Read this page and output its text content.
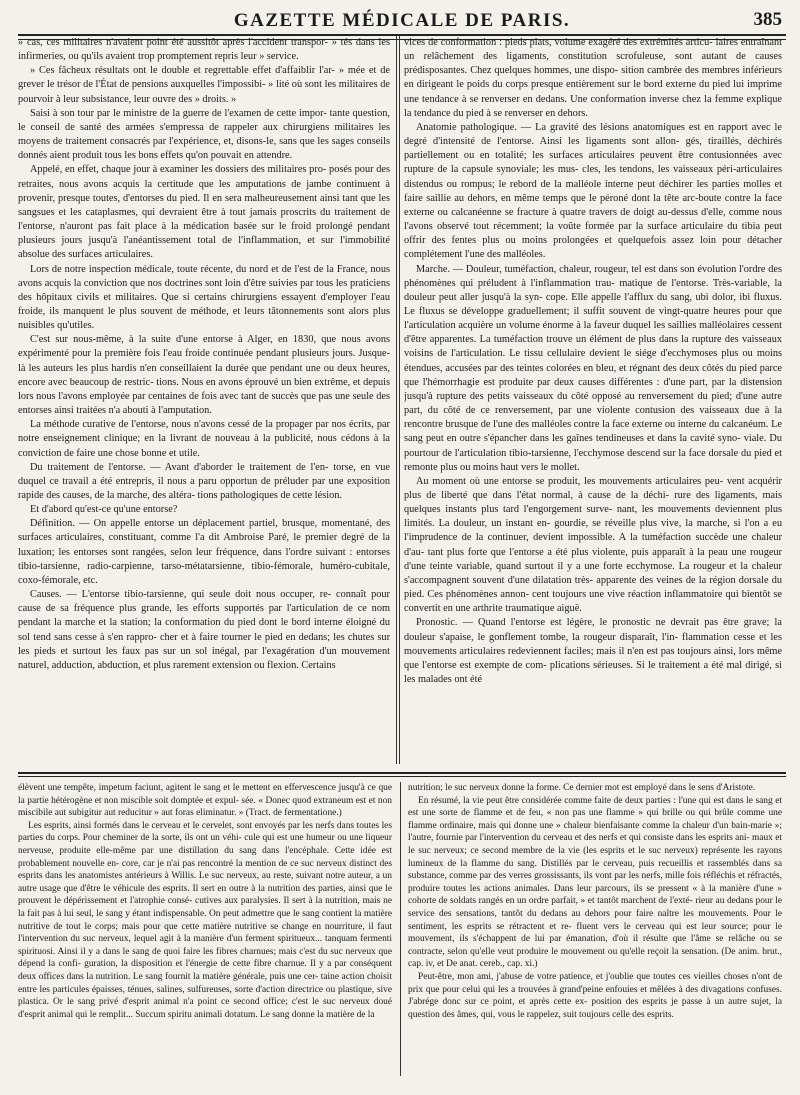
GAZETTE MÉDICALE DE PARIS.	385

» cas, ces militaires n'avaient point été aussitôt après l'accident transpor- » tés dans les infirmeries, ou qu'ils avaient trop promptement repris leur » service.

» Ces fâcheux résultats ont le double et regrettable effet d'affaiblir l'ar- » mée et de grever le trésor de l'État de pensions auxquelles l'impossibi- » lité où sont les militaires de pourvoir à leur subsistance, leur ouvre des » droits. »

Saisi à son tour par le ministre de la guerre de l'examen de cette impor- tante question, le conseil de santé des armées s'empressa de rappeler aux chirurgiens militaires les moyens de traitement consacrés par l'expérience, et, disons-le, sans que les sages conseils donnés aient produit tous les bons effets qu'on pouvait en attendre.

Appelé, en effet, chaque jour à examiner les dossiers des militaires pro- posés pour des retraites, nous avons acquis la certitude que les amputations de jambe continuent à provenir, presque toutes, d'entorses du pied. Il en sera malheureusement ainsi tant que les sangsues et les cataplasmes, qui devraient être à tout jamais proscrits du traitement de l'entorse, n'auront pas fait place à la médication basée sur le froid prolongé pendant plusieurs jours jusqu'à l'anéantissement total de l'inflammation, et sur l'immobilité absolue des surfaces articulaires.

Lors de notre inspection médicale, toute récente, du nord et de l'est de la France, nous avons acquis la conviction que nos doctrines sont loin d'être suivies par tous les praticiens des hôpitaux civils et militaires. Que si certains chirurgiens essayent d'employer l'eau froide, ils manquent le plus souvent de méthode, et leurs tâtonnements sont alors plus nuisibles qu'utiles.

C'est sur nous-même, à la suite d'une entorse à Alger, en 1830, que nous avons expérimenté pour la première fois l'eau froide continuée pendant plusieurs jours. Jusque-là les auteurs les plus hardis n'en conseillaient la durée que pendant une ou deux heures, encore avec beaucoup de restric- tions. Nous en avons éprouvé un bien extrême, et depuis lors nous l'avons employée par centaines de fois avec tant de succès que pas une seule des entorses ainsi traitées n'a abouti à l'amputation.

La méthode curative de l'entorse, nous n'avons cessé de la propager par nos écrits, par notre enseignement clinique; en la livrant de nouveau à la publicité, nous cédons à la conviction de faire une chose bonne et utile.

Du traitement de l'entorse. — Avant d'aborder le traitement de l'en- torse, en vue duquel ce travail a été entrepris, il nous a paru opportun de préluder par une exposition rapide des causes, de la marche, des altéra- tions pathologiques de cette lésion.

Et d'abord qu'est-ce qu'une entorse?

Définition. — On appelle entorse un déplacement partiel, brusque, momentané, des surfaces articulaires, constituant, comme l'a dit Ambroise Paré, le premier degré de la luxation; les entorses sont rangées, selon leur fréquence, dans l'ordre suivant : entorses tibio-tarsienne, radio-carpienne, tarso-métatarsienne, tibio-fémorale, huméro-cubitale, coxo-fémorale, etc.

Causes. — L'entorse tibio-tarsienne, qui seule doit nous occuper, re- connaît pour cause de sa fréquence plus grande, les efforts supportés par l'articulation de ce nom pendant la marche et la station; la conformation du pied dont le bord interne éloigné du sol tend sans cesse à s'en rappro- cher et à faire tourner le pied en dedans; les chutes sur les pieds et surtout les faux pas sur un sol inégal, par l'exagération d'un mouvement naturel, adduction, abduction, et plus rarement extension ou flexion. Certains

vices de conformation : pieds plats, volume exagéré des extrémités articu- laires entraînant un relâchement des ligaments, constitution scrofuleuse, sont autant de causes prédisposantes. Chez quelques hommes, une dispo- sition cambrée des membres inférieurs en dirigeant le poids du corps presque entièrement sur le bord externe du pied lui imprime une tendance à se renverser en dedans. Une conformation inverse chez la femme explique la tendance du pied à se renverser en dehors.

Anatomie pathologique. — La gravité des lésions anatomiques est en rapport avec le degré d'intensité de l'entorse. Ainsi les ligaments sont allon- gés, tiraillés, déchirés partiellement ou en totalité; les surfaces articulaires peuvent être contusionnées avec rupture de la capsule synoviale; les mus- cles, les tendons, les vaisseaux péri-articulaires distendus ou rompus; le rebord de la malléole interne peut déchirer les parties molles et faire saillie au dehors, en même temps que le péroné dont la tête arc-boute contre la face externe ou calcanéenne se fracture à quatre travers de doigt au-dessus d'elle, comme nous l'avons observé tout récemment; la voûte formée par la surface articulaire du tibia peut offrir des fentes plus ou moins prolongées et quelquefois assez loin pour détacher complétement l'une des malléoles.

Marche. — Douleur, tuméfaction, chaleur, rougeur, tel est dans son évolution l'ordre des phénomènes qui préludent à l'inflammation trau- matique de l'entorse. Très-variable, la douleur peut aller jusqu'à la syn- cope. Elle appelle l'afflux du sang, ubi dolor, ibi fluxus. Le fluxus se développe graduellement; il suffit souvent de vingt-quatre heures pour que l'articulation acquière un volume énorme à la faveur duquel les saillies malléolaires cessent d'être apparentes. La tuméfaction trouve un élément de plus dans la rupture des vaisseaux voisins de l'articulation. Le tissu cellulaire devient le siége d'ecchymoses plus ou moins étendues, accusées par des teintes colorées en bleu, et régnant des deux côtés du pied parce que l'hémorrhagie est produite par deux causes différentes : d'une part, par la distension jusqu'à rupture des petits vaisseaux du côté opposé au renversement du pied; d'une autre part, du côté de ce renversement, par une violente contusion des vaisseaux due à la rencontre brusque de l'une des malléoles contre la face externe ou interne du calcanéum. Le sang peut en outre s'épancher dans les gaînes tendineuses et dans la cavité syno- viale. Du pourtour de l'articulation tibio-tarsienne, l'ecchymose descend sur la face dorsale du pied et remonte plus ou moins haut vers le mollet.

Au moment où une entorse se produit, les mouvements articulaires peu- vent acquérir plus de liberté que dans l'état normal, à cause de la déchi- rure des ligaments, mais quelques instants plus tard l'engorgement surve- nant, les mouvements deviennent plus limités. La douleur, un instant en- gourdie, se réveille plus vive, la marche, si l'on a eu l'imprudence de la continuer, devient impossible. A la tuméfaction succède une chaleur d'au- tant plus forte que l'entorse a été plus violente, puis apparaît à la peau une rougeur d'une teinte variable, quand surtout il y a une forte ecchymose. La rougeur et la chaleur s'accompagnent souvent d'une dilatation très- apparente des veines de la région dorsale du pied. Ces phénomènes annon- cent toujours une vive réaction inflammatoire qui bientôt se convertit en une arthrite traumatique aiguë.

Pronostic. — Quand l'entorse est légère, le pronostic ne devrait pas être grave; la douleur s'apaise, le gonflement tombe, la rougeur disparaît, l'in- flammation cesse et les mouvements articulaires redeviennent faciles; mais il n'en est pas toujours ainsi, lors même que l'entorse est exempte de com- plications sérieuses. Si le traitement a été mal dirigé, si les malades ont été

élèvent une tempête, impetum faciunt, agitent le sang et le mettent en effervescence jusqu'à ce que la partie hétérogène et non miscible soit domptée et expul- sée. « Donec quod extraneum est et non miscibile aut subigitur aut reducitur » aut foras eliminatur. » (Tract. de fermentatione.)

Les esprits, ainsi formés dans le cerveau et le cervelet, sont envoyés par les nerfs dans toutes les parties du corps. Pour cheminer de la sorte, ils ont un véhi- cule qui est une humeur ou une liqueur nerveuse, produite elle-même par une distillation du sang dans l'encéphale. Cette idée est probablement nouvelle en- core, car je n'ai pas rencontré la mention de ce suc nerveux distinct des esprits dans les anatomistes antérieurs à Willis. Le suc nerveux, au reste, suivant notre auteur, a un autre usage que d'être le véhicule des esprits. Il sert en outre à la nutrition des parties, ainsi que le prouvent le dépérissement et l'atrophie consé- cutives aux paralysies. Il sert à la nutrition, mais ne la fait pas à lui seul, le sang y étant indispensable. On peut admettre que le sang contient la matière nutritive de tout le corps; mais pour que cette matière nutritive se change en nourriture, il faut l'intervention du suc nerveux, lequel agit à la manière d'un ferment spiritueux... tanquam fermenti spirituosi. Ainsi il y a dans le sang de quoi faire les fibres charnues; mais c'est du suc nerveux que dépend la confi- guration, la disposition et l'énergie de cette fibre charnue. Il y a par conséquent deux offices dans la nutrition. Le sang fournit la matière générale, puis une cer- taine action choisit entre les particules épaisses, ténues, salines, sulfureuses, sorte d'action directrice ou plastique, sive plastica. Or le sang privé d'esprit animal n'a point ce second office; c'est le suc nerveux doué d'esprit animal qui le remplit... Succum spiritu animali dotatum. Le sang donne la matière de la

nutrition; le suc nerveux donne la forme. Ce dernier mot est employé dans le sens d'Aristote.

En résumé, la vie peut être considérée comme faite de deux parties : l'une qui est dans le sang et est une sorte de flamme et de feu, « non pas une flamme » qui brille ou qui brûle comme une flamme ordinaire, mais qui donne une » chaleur bienfaisante comme la chaleur d'un bain-marie »; l'autre, fournie par l'intervention du cerveau et des nerfs et qui consiste dans les esprits ani- maux et le suc nerveux; ce second membre de la vie (les esprits et le suc nerveux) représente les rayons lumineux de la flamme du sang. Distillés par le cerveau, puis recueillis et rassemblés dans sa substance, comme par des verres grossissants, ils vont par les nerfs, mille fois réfléchis et réfractés, produire toutes les actions animales. Dans leur parcours, ils se pressent « à la manière d'une » cohorte de soldats rangés en un ordre parfait, » et tantôt marchent de l'exté- rieur au dedans pour le service des sensations, tantôt du dedans au dehors pour faire naître les mouvements. Pour le sentiment, les esprits se rétractent et re- fluent vers le cerveau qui est leur source; pour le mouvement, ils s'échappent de lui par émanation, d'où il résulte que l'âme se relâche ou se contracte, selon qu'elle veut produire le mouvement ou qu'elle reçoit la sensation. (De anim. brut., cap. iv, et De anat. cereb., cap. xi.)

Peut-être, mon ami, j'abuse de votre patience, et j'oublie que toutes ces vieilles choses n'ont de prix que pour celui qui les a trouvées à grand'peine enfouies et mêlées à des divagations confuses. J'abrége donc sur ce point, et après cette ex- position des esprits je passe à un autre sujet, la question des âmes, qui, vous le rappelez, suit toujours celle des esprits.
